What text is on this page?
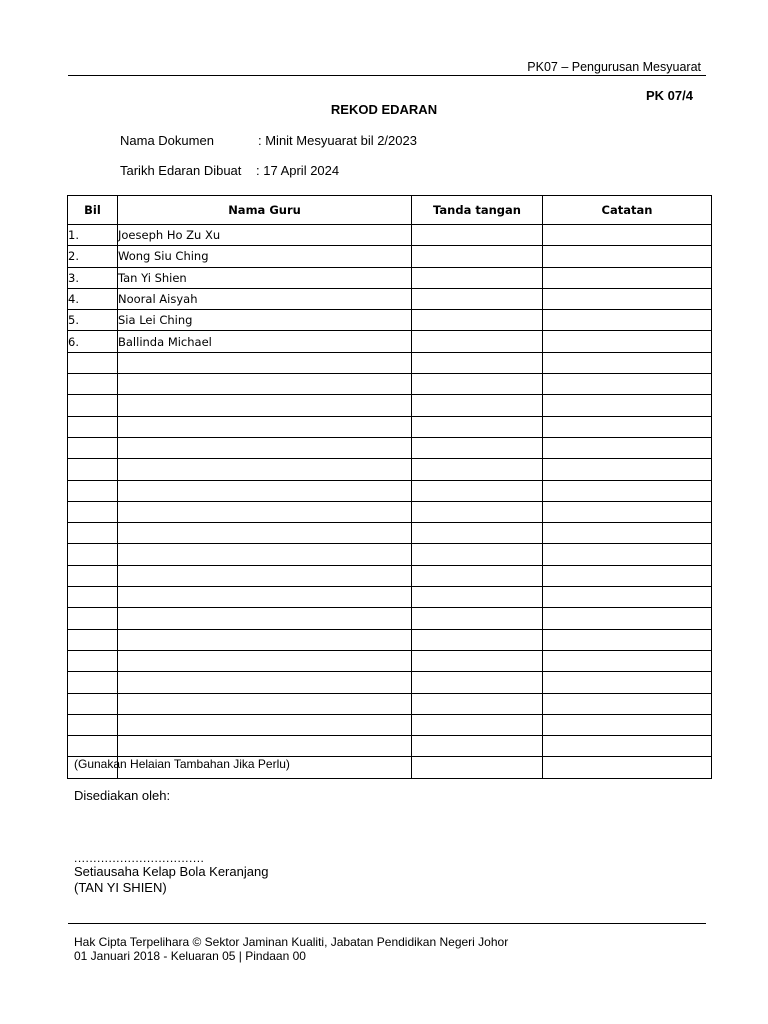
PK07 – Pengurusan Mesyuarat
PK 07/4
REKOD EDARAN
Nama Dokumen	: Minit Mesyuarat bil 2/2023
Tarikh Edaran Dibuat : 17 April 2024
Bil	Nama Guru	Tanda tangan	Catatan
1.	Joeseph Ho Zu Xu		
2.	Wong Siu Ching		
3.	Tan Yi Shien		
4.	Nooral Aisyah		
5.	Sia Lei Ching		
6.	Ballinda Michael		

(Gunakan Helaian Tambahan Jika Perlu)
Disediakan oleh:
..................................
Setiausaha Kelap Bola Keranjang
(TAN YI SHIEN)
Hak Cipta Terpelihara © Sektor Jaminan Kualiti, Jabatan Pendidikan Negeri Johor
01 Januari 2018 - Keluaran 05 | Pindaan 00
